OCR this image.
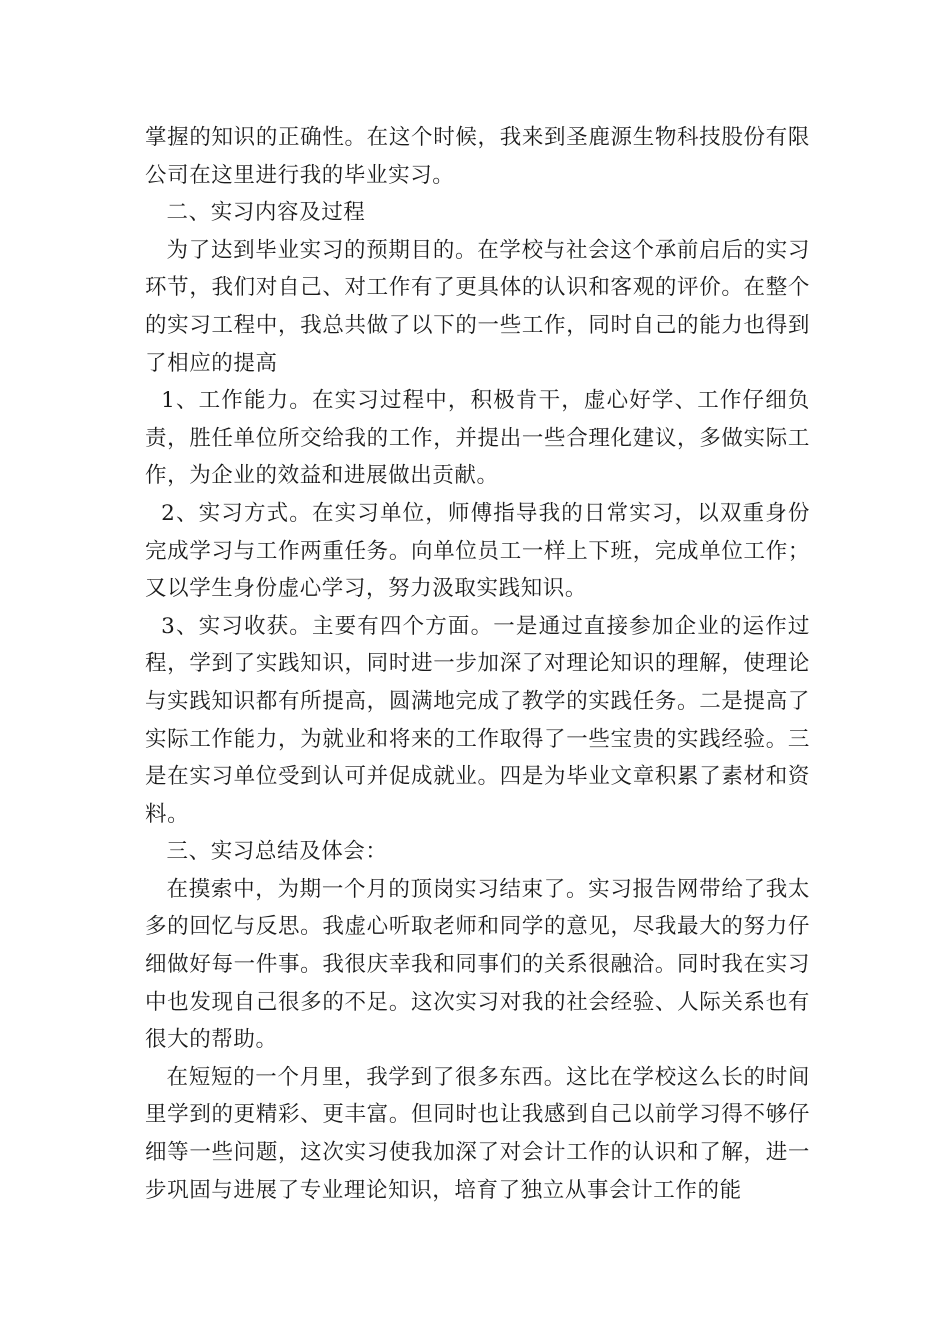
掌握的知识的正确性。在这个时候，我来到圣鹿源生物科技股份有限公司在这里进行我的毕业实习。

二、实习内容及过程

为了达到毕业实习的预期目的。在学校与社会这个承前启后的实习环节，我们对自己、对工作有了更具体的认识和客观的评价。在整个的实习工程中，我总共做了以下的一些工作，同时自己的能力也得到了相应的提高

1、工作能力。在实习过程中，积极肯干，虚心好学、工作仔细负责，胜任单位所交给我的工作，并提出一些合理化建议，多做实际工作，为企业的效益和进展做出贡献。

2、实习方式。在实习单位，师傅指导我的日常实习，以双重身份完成学习与工作两重任务。向单位员工一样上下班，完成单位工作；又以学生身份虚心学习，努力汲取实践知识。

3、实习收获。主要有四个方面。一是通过直接参加企业的运作过程，学到了实践知识，同时进一步加深了对理论知识的理解，使理论与实践知识都有所提高，圆满地完成了教学的实践任务。二是提高了实际工作能力，为就业和将来的工作取得了一些宝贵的实践经验。三是在实习单位受到认可并促成就业。四是为毕业文章积累了素材和资料。

三、实习总结及体会：

在摸索中，为期一个月的顶岗实习结束了。实习报告网带给了我太多的回忆与反思。我虚心听取老师和同学的意见，尽我最大的努力仔细做好每一件事。我很庆幸我和同事们的关系很融洽。同时我在实习中也发现自己很多的不足。这次实习对我的社会经验、人际关系也有很大的帮助。

在短短的一个月里，我学到了很多东西。这比在学校这么长的时间里学到的更精彩、更丰富。但同时也让我感到自己以前学习得不够仔细等一些问题，这次实习使我加深了对会计工作的认识和了解，进一步巩固与进展了专业理论知识，培育了独立从事会计工作的能
